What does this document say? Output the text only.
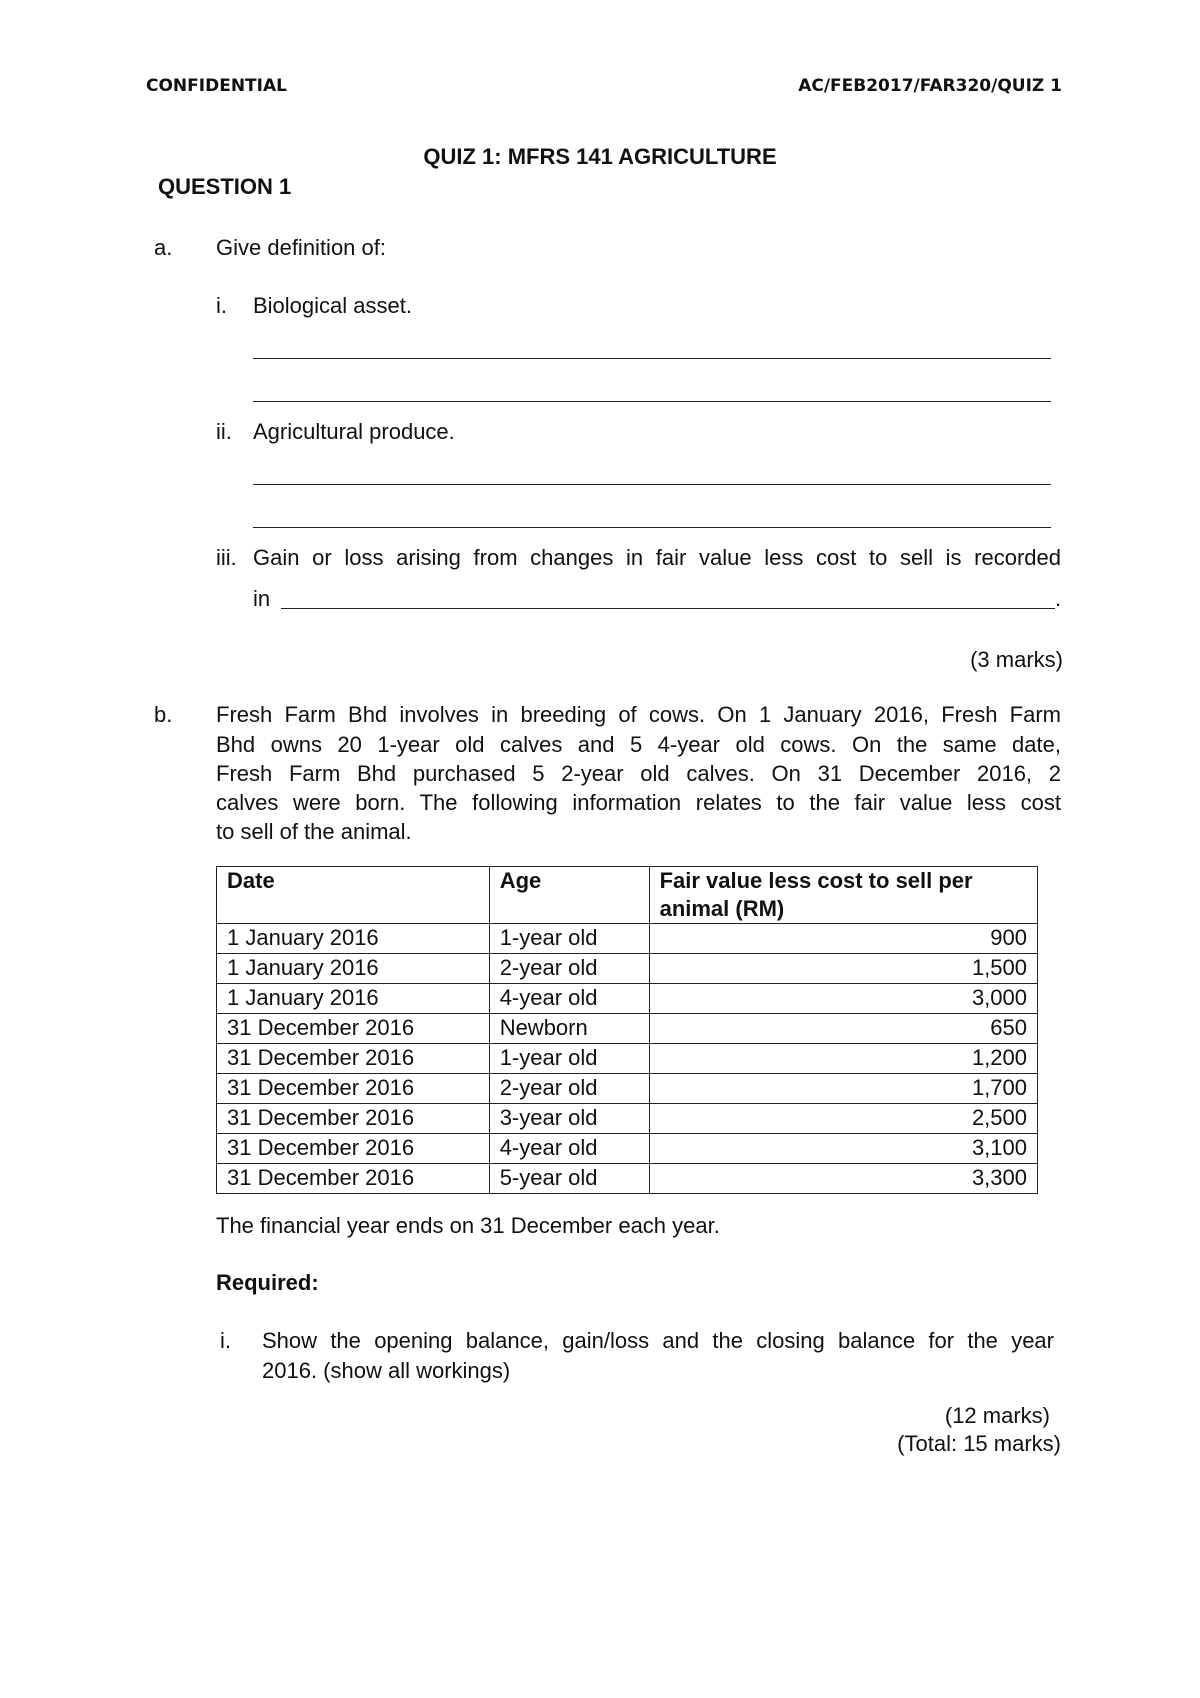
CONFIDENTIAL	AC/FEB2017/FAR320/QUIZ 1
QUIZ 1: MFRS 141 AGRICULTURE
QUESTION 1
a. Give definition of:
i. Biological asset.
ii. Agricultural produce.
iii. Gain or loss arising from changes in fair value less cost to sell is recorded
in	.
(3 marks)
b. Fresh Farm Bhd involves in breeding of cows. On 1 January 2016, Fresh Farm
Bhd owns 20 1-year old calves and 5 4-year old cows. On the same date,
Fresh Farm Bhd purchased 5 2-year old calves. On 31 December 2016, 2
calves were born. The following information relates to the fair value less cost
to sell of the animal.
Date	Age	Fair value less cost to sell per animal (RM)
1 January 2016	1-year old	900
1 January 2016	2-year old	1,500
1 January 2016	4-year old	3,000
31 December 2016	Newborn	650
31 December 2016	1-year old	1,200
31 December 2016	2-year old	1,700
31 December 2016	3-year old	2,500
31 December 2016	4-year old	3,100
31 December 2016	5-year old	3,300
The financial year ends on 31 December each year.
Required:
i. Show the opening balance, gain/loss and the closing balance for the year
2016. (show all workings)
(12 marks)
(Total: 15 marks)
